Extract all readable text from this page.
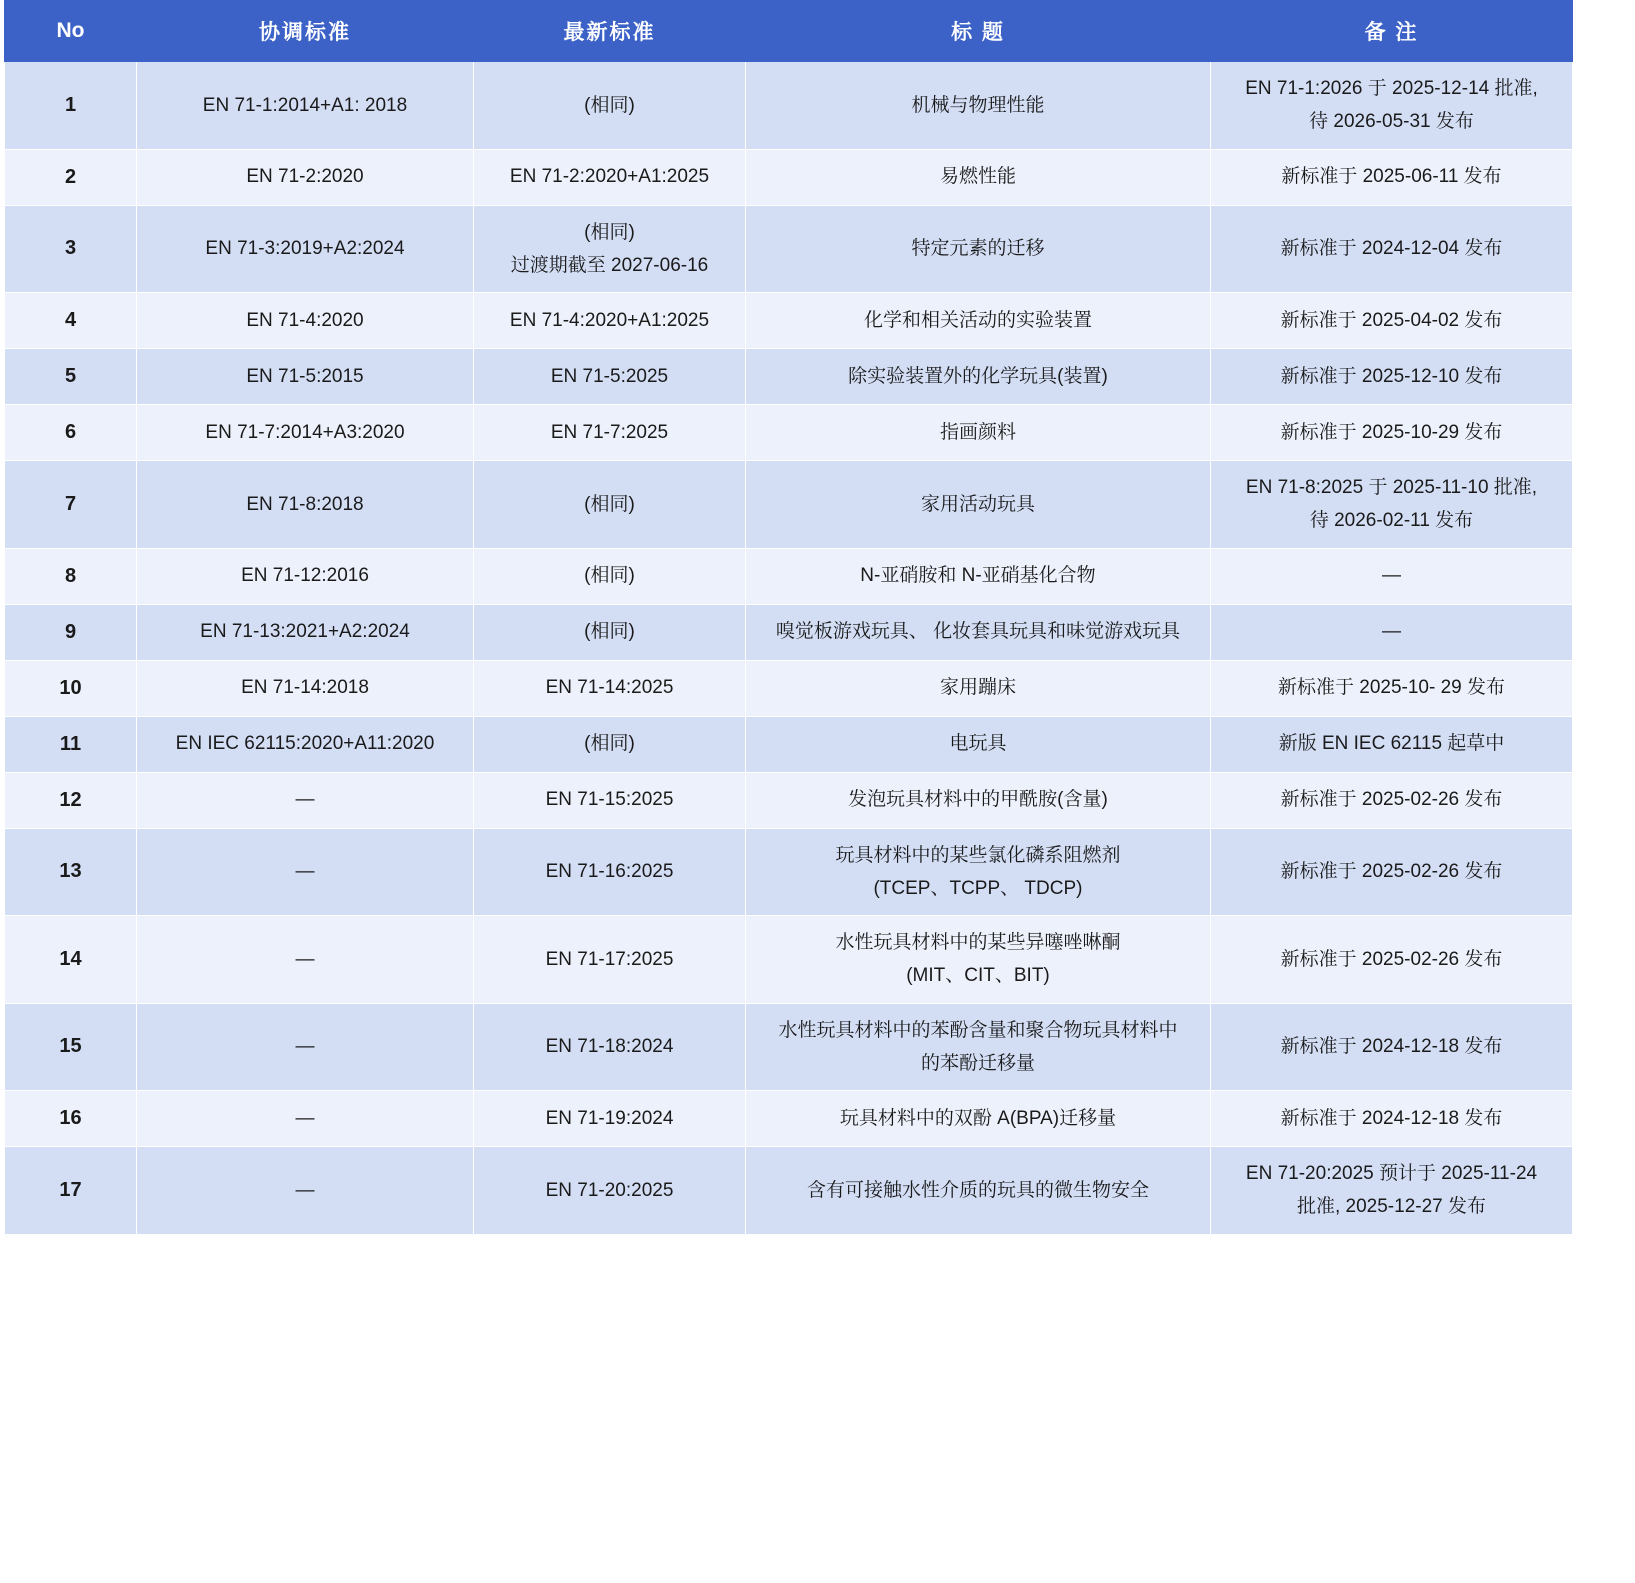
No	协调标准	最新标准	标 题	备 注
1	EN 71-1:2014+A1: 2018	(相同)	机械与物理性能	EN 71-1:2026 于 2025-12-14 批准,
待 2026-05-31 发布

2	EN 71-2:2020	EN 71-2:2020+A1:2025	易燃性能	新标准于 2025-06-11 发布
3	EN 71-3:2019+A2:2024	(相同)
过渡期截至 2027-06-16	特定元素的迁移	新标准于 2024-12-04 发布
4	EN 71-4:2020	EN 71-4:2020+A1:2025	化学和相关活动的实验装置	新标准于 2025-04-02 发布
5	EN 71-5:2015	EN 71-5:2025	除实验装置外的化学玩具(装置)	新标准于 2025-12-10 发布
6	EN 71-7:2014+A3:2020	EN 71-7:2025	指画颜料	新标准于 2025-10-29 发布
7	EN 71-8:2018	(相同)	家用活动玩具	EN 71-8:2025 于 2025-11-10 批准,
待 2026-02-11 发布

8	EN 71-12:2016	(相同)	N-亚硝胺和 N-亚硝基化合物	—
9	EN 71-13:2021+A2:2024	(相同)	嗅觉板游戏玩具、 化妆套具玩具和味觉游戏玩具	—
10	EN 71-14:2018	EN 71-14:2025	家用蹦床	新标准于 2025-10- 29 发布
11	EN IEC 62115:2020+A11:2020	(相同)	电玩具	新版 EN IEC 62115 起草中
12	—	EN 71-15:2025	发泡玩具材料中的甲酰胺(含量)	新标准于 2025-02-26 发布
13	—	EN 71-16:2025	玩具材料中的某些氯化磷系阻燃剂
(TCEP、TCPP、 TDCP)	新标准于 2025-02-26 发布
14	—	EN 71-17:2025	水性玩具材料中的某些异噻唑啉酮
(MIT、CIT、BIT)	新标准于 2025-02-26 发布
15	—	EN 71-18:2024	水性玩具材料中的苯酚含量和聚合物玩具材料中
的苯酚迁移量	新标准于 2024-12-18 发布
16	—	EN 71-19:2024	玩具材料中的双酚 A(BPA)迁移量	新标准于 2024-12-18 发布
17	—	EN 71-20:2025	含有可接触水性介质的玩具的微生物安全	EN 71-20:2025 预计于 2025-11-24
批准, 2025-12-27 发布
